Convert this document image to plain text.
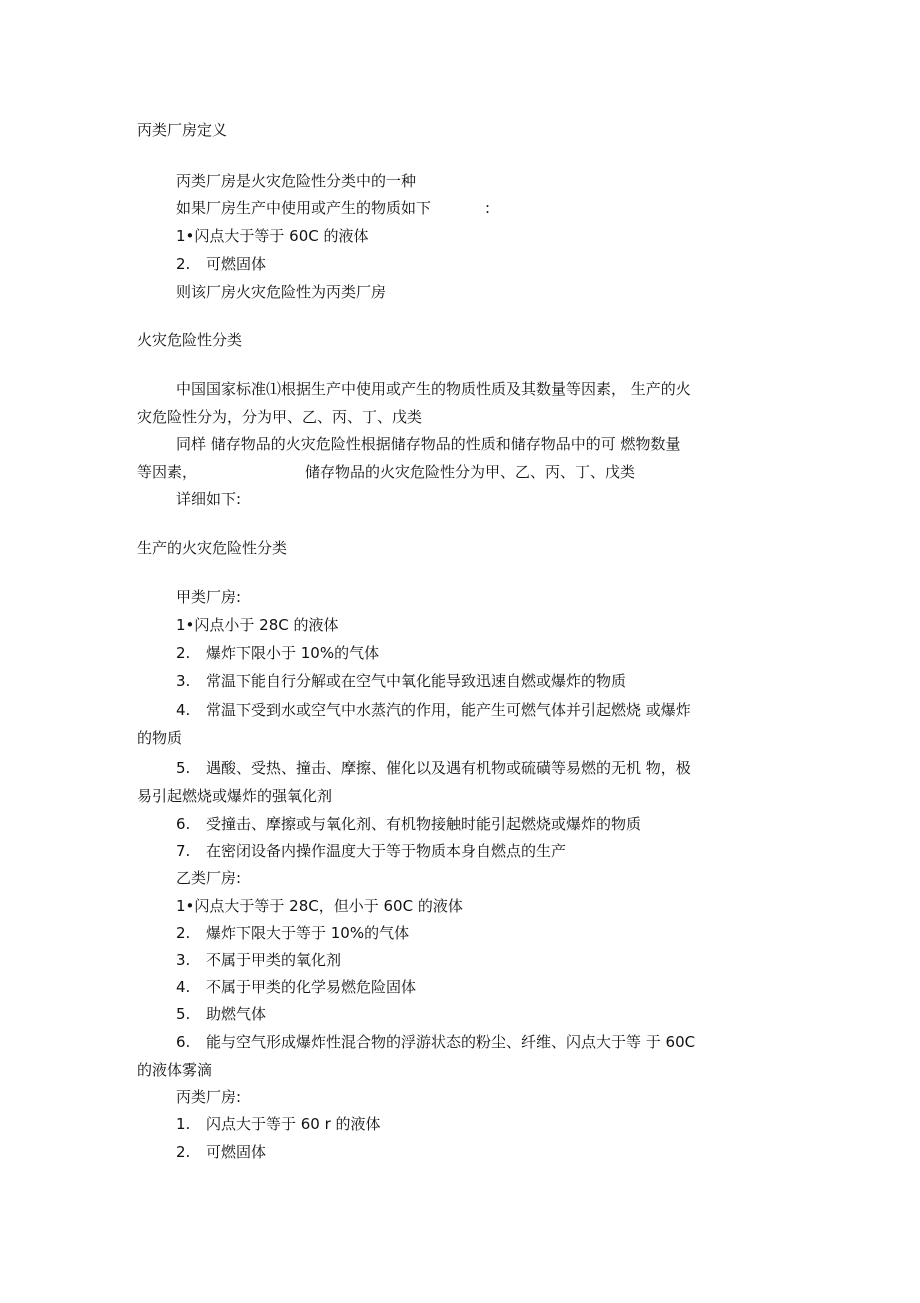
丙类厂房定义
丙类厂房是火灾危险性分类中的一种
如果厂房生产中使用或产生的物质如下	:
1•闪点大于等于 60C 的液体
2. 可燃固体
则该厂房火灾危险性为丙类厂房
火灾危险性分类
中国国家标准⑴根据生产中使用或产生的物质性质及其数量等因素， 生产的火
灾危险性分为，分为甲、乙、丙、丁、戊类
同样 储存物品的火灾危险性根据储存物品的性质和储存物品中的可 燃物数量
等因素，	储存物品的火灾危险性分为甲、乙、丙、丁、戊类
详细如下:
生产的火灾危险性分类
甲类厂房:
1•闪点小于 28C 的液体
2. 爆炸下限小于 10%的气体
3. 常温下能自行分解或在空气中氧化能导致迅速自燃或爆炸的物质
4. 常温下受到水或空气中水蒸汽的作用，能产生可燃气体并引起燃烧 或爆炸
的物质
5. 遇酸、受热、撞击、摩擦、催化以及遇有机物或硫磺等易燃的无机 物，极
易引起燃烧或爆炸的强氧化剂
6. 受撞击、摩擦或与氧化剂、有机物接触时能引起燃烧或爆炸的物质
7. 在密闭设备内操作温度大于等于物质本身自燃点的生产
乙类厂房:
1•闪点大于等于 28C，但小于 60C 的液体
2. 爆炸下限大于等于 10%的气体
3. 不属于甲类的氧化剂
4. 不属于甲类的化学易燃危险固体
5. 助燃气体
6. 能与空气形成爆炸性混合物的浮游状态的粉尘、纤维、闪点大于等 于 60C
的液体雾滴
丙类厂房:
1. 闪点大于等于 60 r 的液体
2. 可燃固体
